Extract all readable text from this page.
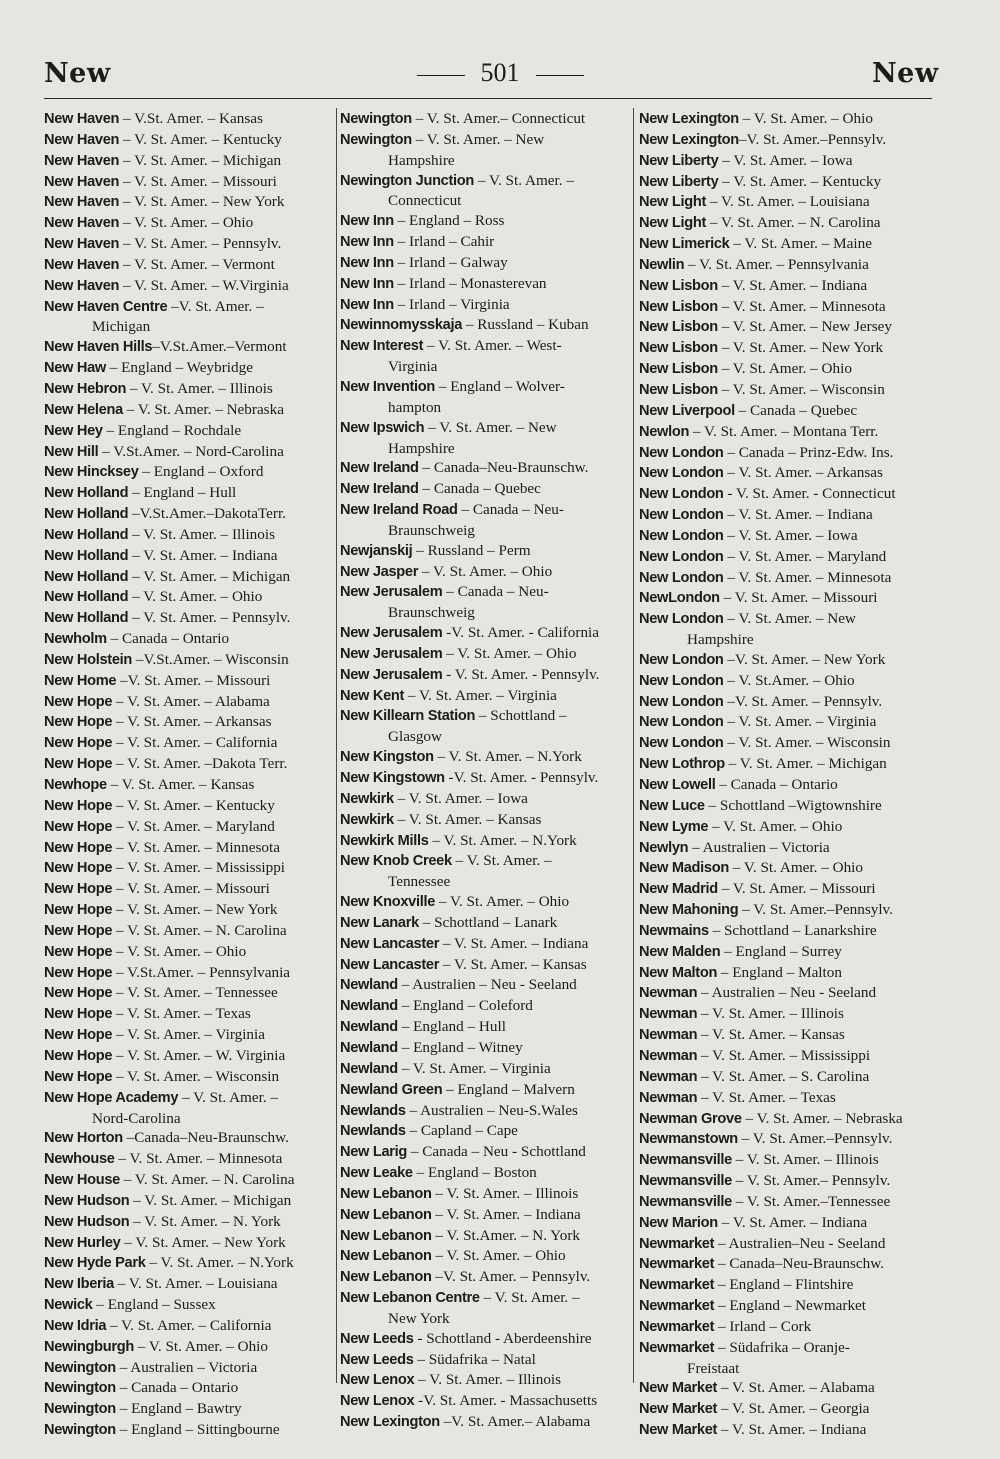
New	501	New
New Haven – V.St. Amer. – Kansas
New Haven – V. St. Amer. – Kentucky
New Haven – V. St. Amer. – Michigan
New Haven – V. St. Amer. – Missouri
New Haven – V. St. Amer. – New York
New Haven – V. St. Amer. – Ohio
New Haven – V. St. Amer. – Pennsylv.
New Haven – V. St. Amer. – Vermont
New Haven – V. St. Amer. – W.Virginia
New Haven Centre –V. St. Amer. –
Michigan
New Haven Hills–V.St.Amer.–Vermont
New Haw – England – Weybridge
New Hebron – V. St. Amer. – Illinois
New Helena – V. St. Amer. – Nebraska
New Hey – England – Rochdale
New Hill – V.St.Amer. – Nord-Carolina
New Hincksey – England – Oxford
New Holland – England – Hull
New Holland –V.St.Amer.–DakotaTerr.
New Holland – V. St. Amer. – Illinois
New Holland – V. St. Amer. – Indiana
New Holland – V. St. Amer. – Michigan
New Holland – V. St. Amer. – Ohio
New Holland – V. St. Amer. – Pennsylv.
Newholm – Canada – Ontario
New Holstein –V.St.Amer. – Wisconsin
New Home –V. St. Amer. – Missouri
New Hope – V. St. Amer. – Alabama
New Hope – V. St. Amer. – Arkansas
New Hope – V. St. Amer. – California
New Hope – V. St. Amer. –Dakota Terr.
Newhope – V. St. Amer. – Kansas
New Hope – V. St. Amer. – Kentucky
New Hope – V. St. Amer. – Maryland
New Hope – V. St. Amer. – Minnesota
New Hope – V. St. Amer. – Mississippi
New Hope – V. St. Amer. – Missouri
New Hope – V. St. Amer. – New York
New Hope – V. St. Amer. – N. Carolina
New Hope – V. St. Amer. – Ohio
New Hope – V.St.Amer. – Pennsylvania
New Hope – V. St. Amer. – Tennessee
New Hope – V. St. Amer. – Texas
New Hope – V. St. Amer. – Virginia
New Hope – V. St. Amer. – W. Virginia
New Hope – V. St. Amer. – Wisconsin
New Hope Academy – V. St. Amer. –
Nord-Carolina
New Horton –Canada–Neu-Braunschw.
Newhouse – V. St. Amer. – Minnesota
New House – V. St. Amer. – N. Carolina
New Hudson – V. St. Amer. – Michigan
New Hudson – V. St. Amer. – N. York
New Hurley – V. St. Amer. – New York
New Hyde Park – V. St. Amer. – N.York
New Iberia – V. St. Amer. – Louisiana
Newick – England – Sussex
New Idria – V. St. Amer. – California
Newingburgh – V. St. Amer. – Ohio
Newington – Australien – Victoria
Newington – Canada – Ontario
Newington – England – Bawtry
Newington – England – Sittingbourne
Newington – V. St. Amer.– Connecticut
Newington – V. St. Amer. – New
Hampshire
Newington Junction – V. St. Amer. –
Connecticut
New Inn – England – Ross
New Inn – Irland – Cahir
New Inn – Irland – Galway
New Inn – Irland – Monasterevan
New Inn – Irland – Virginia
Newinnomysskaja – Russland – Kuban
New Interest – V. St. Amer. – West-
Virginia
New Invention – England – Wolver-
hampton
New Ipswich – V. St. Amer. – New
Hampshire
New Ireland – Canada–Neu-Braunschw.
New Ireland – Canada – Quebec
New Ireland Road – Canada – Neu-
Braunschweig
Newjanskij – Russland – Perm
New Jasper – V. St. Amer. – Ohio
New Jerusalem – Canada – Neu-
Braunschweig
New Jerusalem -V. St. Amer. - California
New Jerusalem – V. St. Amer. – Ohio
New Jerusalem - V. St. Amer. - Pennsylv.
New Kent – V. St. Amer. – Virginia
New Killearn Station – Schottland –
Glasgow
New Kingston – V. St. Amer. – N.York
New Kingstown -V. St. Amer. - Pennsylv.
Newkirk – V. St. Amer. – Iowa
Newkirk – V. St. Amer. – Kansas
Newkirk Mills – V. St. Amer. – N.York
New Knob Creek – V. St. Amer. –
Tennessee
New Knoxville – V. St. Amer. – Ohio
New Lanark – Schottland – Lanark
New Lancaster – V. St. Amer. – Indiana
New Lancaster – V. St. Amer. – Kansas
Newland – Australien – Neu - Seeland
Newland – England – Coleford
Newland – England – Hull
Newland – England – Witney
Newland – V. St. Amer. – Virginia
Newland Green – England – Malvern
Newlands – Australien – Neu-S.Wales
Newlands – Capland – Cape
New Larig – Canada – Neu - Schottland
New Leake – England – Boston
New Lebanon – V. St. Amer. – Illinois
New Lebanon – V. St. Amer. – Indiana
New Lebanon – V. St.Amer. – N. York
New Lebanon – V. St. Amer. – Ohio
New Lebanon –V. St. Amer. – Pennsylv.
New Lebanon Centre – V. St. Amer. –
New York
New Leeds - Schottland - Aberdeenshire
New Leeds – Südafrika – Natal
New Lenox – V. St. Amer. – Illinois
New Lenox -V. St. Amer. - Massachusetts
New Lexington –V. St. Amer.– Alabama
New Lexington – V. St. Amer. – Ohio
New Lexington–V. St. Amer.–Pennsylv.
New Liberty – V. St. Amer. – Iowa
New Liberty – V. St. Amer. – Kentucky
New Light – V. St. Amer. – Louisiana
New Light – V. St. Amer. – N. Carolina
New Limerick – V. St. Amer. – Maine
Newlin – V. St. Amer. – Pennsylvania
New Lisbon – V. St. Amer. – Indiana
New Lisbon – V. St. Amer. – Minnesota
New Lisbon – V. St. Amer. – New Jersey
New Lisbon – V. St. Amer. – New York
New Lisbon – V. St. Amer. – Ohio
New Lisbon – V. St. Amer. – Wisconsin
New Liverpool – Canada – Quebec
Newlon – V. St. Amer. – Montana Terr.
New London – Canada – Prinz-Edw. Ins.
New London – V. St. Amer. – Arkansas
New London - V. St. Amer. - Connecticut
New London – V. St. Amer. – Indiana
New London – V. St. Amer. – Iowa
New London – V. St. Amer. – Maryland
New London – V. St. Amer. – Minnesota
NewLondon – V. St. Amer. – Missouri
New London – V. St. Amer. – New
Hampshire
New London –V. St. Amer. – New York
New London – V. St.Amer. – Ohio
New London –V. St. Amer. – Pennsylv.
New London – V. St. Amer. – Virginia
New London – V. St. Amer. – Wisconsin
New Lothrop – V. St. Amer. – Michigan
New Lowell – Canada – Ontario
New Luce – Schottland –Wigtownshire
New Lyme – V. St. Amer. – Ohio
Newlyn – Australien – Victoria
New Madison – V. St. Amer. – Ohio
New Madrid – V. St. Amer. – Missouri
New Mahoning – V. St. Amer.–Pennsylv.
Newmains – Schottland – Lanarkshire
New Malden – England – Surrey
New Malton – England – Malton
Newman – Australien – Neu - Seeland
Newman – V. St. Amer. – Illinois
Newman – V. St. Amer. – Kansas
Newman – V. St. Amer. – Mississippi
Newman – V. St. Amer. – S. Carolina
Newman – V. St. Amer. – Texas
Newman Grove – V. St. Amer. – Nebraska
Newmanstown – V. St. Amer.–Pennsylv.
Newmansville – V. St. Amer. – Illinois
Newmansville – V. St. Amer.– Pennsylv.
Newmansville – V. St. Amer.–Tennessee
New Marion – V. St. Amer. – Indiana
Newmarket – Australien–Neu - Seeland
Newmarket – Canada–Neu-Braunschw.
Newmarket – England – Flintshire
Newmarket – England – Newmarket
Newmarket – Irland – Cork
Newmarket – Südafrika – Oranje-
Freistaat
New Market – V. St. Amer. – Alabama
New Market – V. St. Amer. – Georgia
New Market – V. St. Amer. – Indiana
